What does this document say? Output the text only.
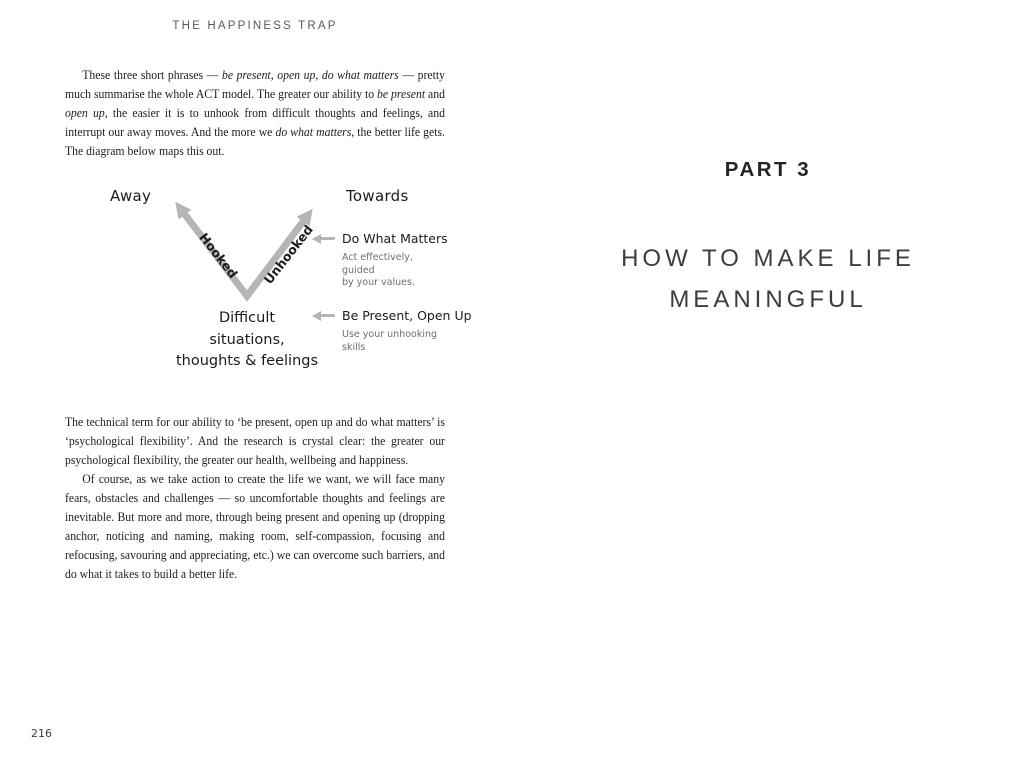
THE HAPPINESS TRAP

These three short phrases — be present, open up, do what matters — pretty much summarise the whole ACT model. The greater our ability to be present and open up, the easier it is to unhook from difficult thoughts and feelings, and interrupt our away moves. And the more we do what matters, the better life gets. The diagram below maps this out.

Away	Towards
Hooked Unhooked
Difficult
situations,
thoughts & feelings
Do What Matters
Act effectively, guided
by your values.
Be Present, Open Up
Use your unhooking skills

The technical term for our ability to ‘be present, open up and do what matters’ is ‘psychological flexibility’. And the research is crystal clear: the greater our psychological flexibility, the greater our health, wellbeing and happiness.

Of course, as we take action to create the life we want, we will face many fears, obstacles and challenges — so uncomfortable thoughts and feelings are inevitable. But more and more, through being present and opening up (dropping anchor, noticing and naming, making room, self-compassion, focusing and refocusing, savouring and appreciating, etc.) we can overcome such barriers, and do what it takes to build a better life.

216
PART 3
HOW TO MAKE LIFE
MEANINGFUL
